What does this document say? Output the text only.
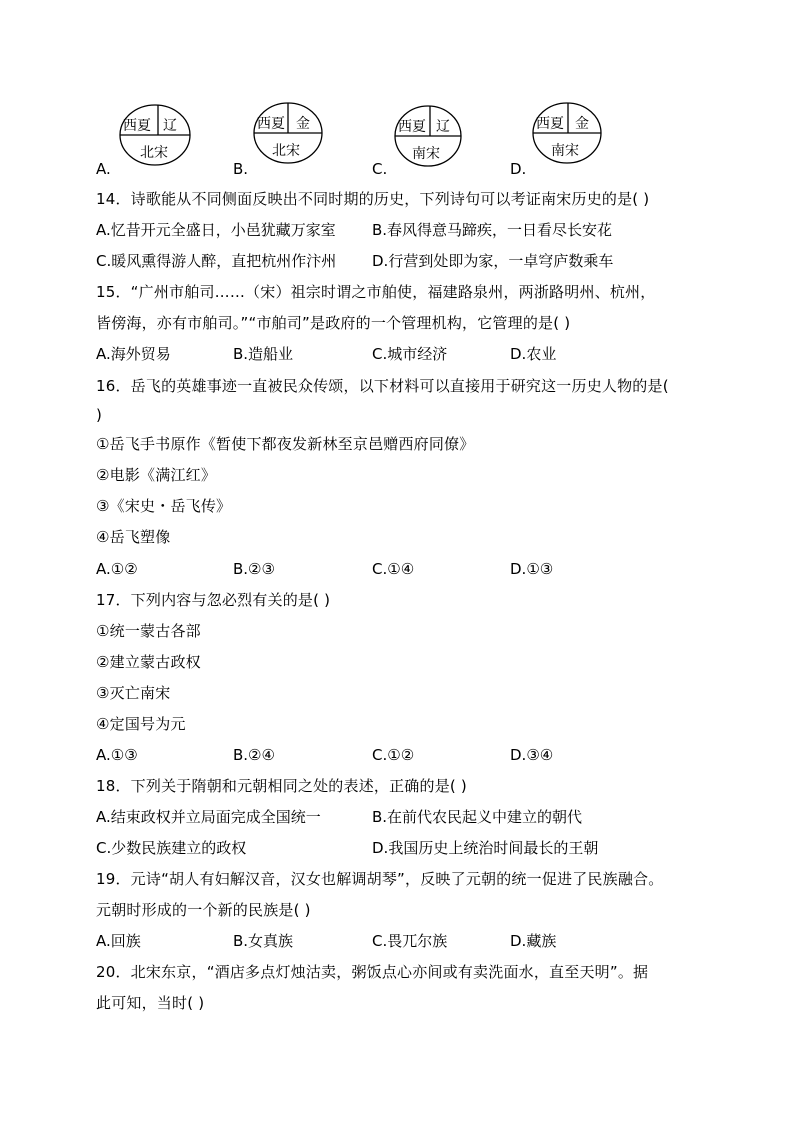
A.
西夏 辽
北宋
B.
西夏 金
北宋
C.
西夏 辽
南宋
D.
西夏 金
南宋
14．诗歌能从不同侧面反映出不同时期的历史，下列诗句可以考证南宋历史的是( )
A.忆昔开元全盛日，小邑犹藏万家室 B.春风得意马蹄疾，一日看尽长安花
C.暖风熏得游人醉，直把杭州作汴州 D.行营到处即为家，一卓穹庐数乘车
15．“广州市舶司……（宋）祖宗时谓之市舶使，福建路泉州，两浙路明州、杭州，
皆傍海，亦有市舶司。”“市舶司”是政府的一个管理机构，它管理的是( )
A.海外贸易	B.造船业	C.城市经济	D.农业
16．岳飞的英雄事迹一直被民众传颂，以下材料可以直接用于研究这一历史人物的是(
)
①岳飞手书原作《暂使下都夜发新林至京邑赠西府同僚》
②电影《满江红》
③《宋史・岳飞传》
④岳飞塑像
A.①②	B.②③	C.①④	D.①③
17．下列内容与忽必烈有关的是( )
①统一蒙古各部
②建立蒙古政权
③灭亡南宋
④定国号为元
A.①③	B.②④	C.①②	D.③④
18．下列关于隋朝和元朝相同之处的表述，正确的是( )
A.结束政权并立局面完成全国统一	B.在前代农民起义中建立的朝代
C.少数民族建立的政权	D.我国历史上统治时间最长的王朝
19．元诗“胡人有妇解汉音，汉女也解调胡琴”，反映了元朝的统一促进了民族融合。
元朝时形成的一个新的民族是( )
A.回族	B.女真族	C.畏兀尔族	D.藏族
20．北宋东京，“酒店多点灯烛沽卖，粥饭点心亦间或有卖洗面水，直至天明”。据
此可知，当时( )
